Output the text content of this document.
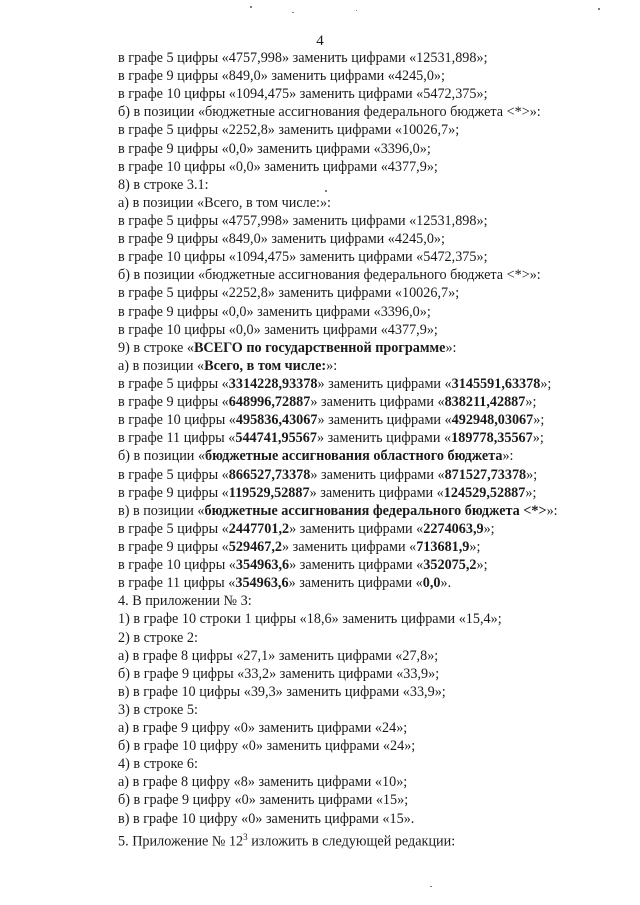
4
в графе 5 цифры «4757,998» заменить цифрами «12531,898»;
в графе 9 цифры «849,0» заменить цифрами «4245,0»;
в графе 10 цифры «1094,475» заменить цифрами «5472,375»;
б) в позиции «бюджетные ассигнования федерального бюджета <*>»:
в графе 5 цифры «2252,8» заменить цифрами «10026,7»;
в графе 9 цифры «0,0» заменить цифрами «3396,0»;
в графе 10 цифры «0,0» заменить цифрами «4377,9»;
8) в строке 3.1:
а) в позиции «Всего, в том числе:»:
в графе 5 цифры «4757,998» заменить цифрами «12531,898»;
в графе 9 цифры «849,0» заменить цифрами «4245,0»;
в графе 10 цифры «1094,475» заменить цифрами «5472,375»;
б) в позиции «бюджетные ассигнования федерального бюджета <*>»:
в графе 5 цифры «2252,8» заменить цифрами «10026,7»;
в графе 9 цифры «0,0» заменить цифрами «3396,0»;
в графе 10 цифры «0,0» заменить цифрами «4377,9»;
9) в строке «ВСЕГО по государственной программе»:
а) в позиции «Всего, в том числе:»:
в графе 5 цифры «3314228,93378» заменить цифрами «3145591,63378»;
в графе 9 цифры «648996,72887» заменить цифрами «838211,42887»;
в графе 10 цифры «495836,43067» заменить цифрами «492948,03067»;
в графе 11 цифры «544741,95567» заменить цифрами «189778,35567»;
б) в позиции «бюджетные ассигнования областного бюджета»:
в графе 5 цифры «866527,73378» заменить цифрами «871527,73378»;
в графе 9 цифры «119529,52887» заменить цифрами «124529,52887»;
в) в позиции «бюджетные ассигнования федерального бюджета <*>»:
в графе 5 цифры «2447701,2» заменить цифрами «2274063,9»;
в графе 9 цифры «529467,2» заменить цифрами «713681,9»;
в графе 10 цифры «354963,6» заменить цифрами «352075,2»;
в графе 11 цифры «354963,6» заменить цифрами «0,0».
4. В приложении № 3:
1) в графе 10 строки 1 цифры «18,6» заменить цифрами «15,4»;
2) в строке 2:
а) в графе 8 цифры «27,1» заменить цифрами «27,8»;
б) в графе 9 цифры «33,2» заменить цифрами «33,9»;
в) в графе 10 цифры «39,3» заменить цифрами «33,9»;
3) в строке 5:
а) в графе 9 цифру «0» заменить цифрами «24»;
б) в графе 10 цифру «0» заменить цифрами «24»;
4) в строке 6:
а) в графе 8 цифру «8» заменить цифрами «10»;
б) в графе 9 цифру «0» заменить цифрами «15»;
в) в графе 10 цифру «0» заменить цифрами «15».
5. Приложение № $12^3$ изложить в следующей редакции:
